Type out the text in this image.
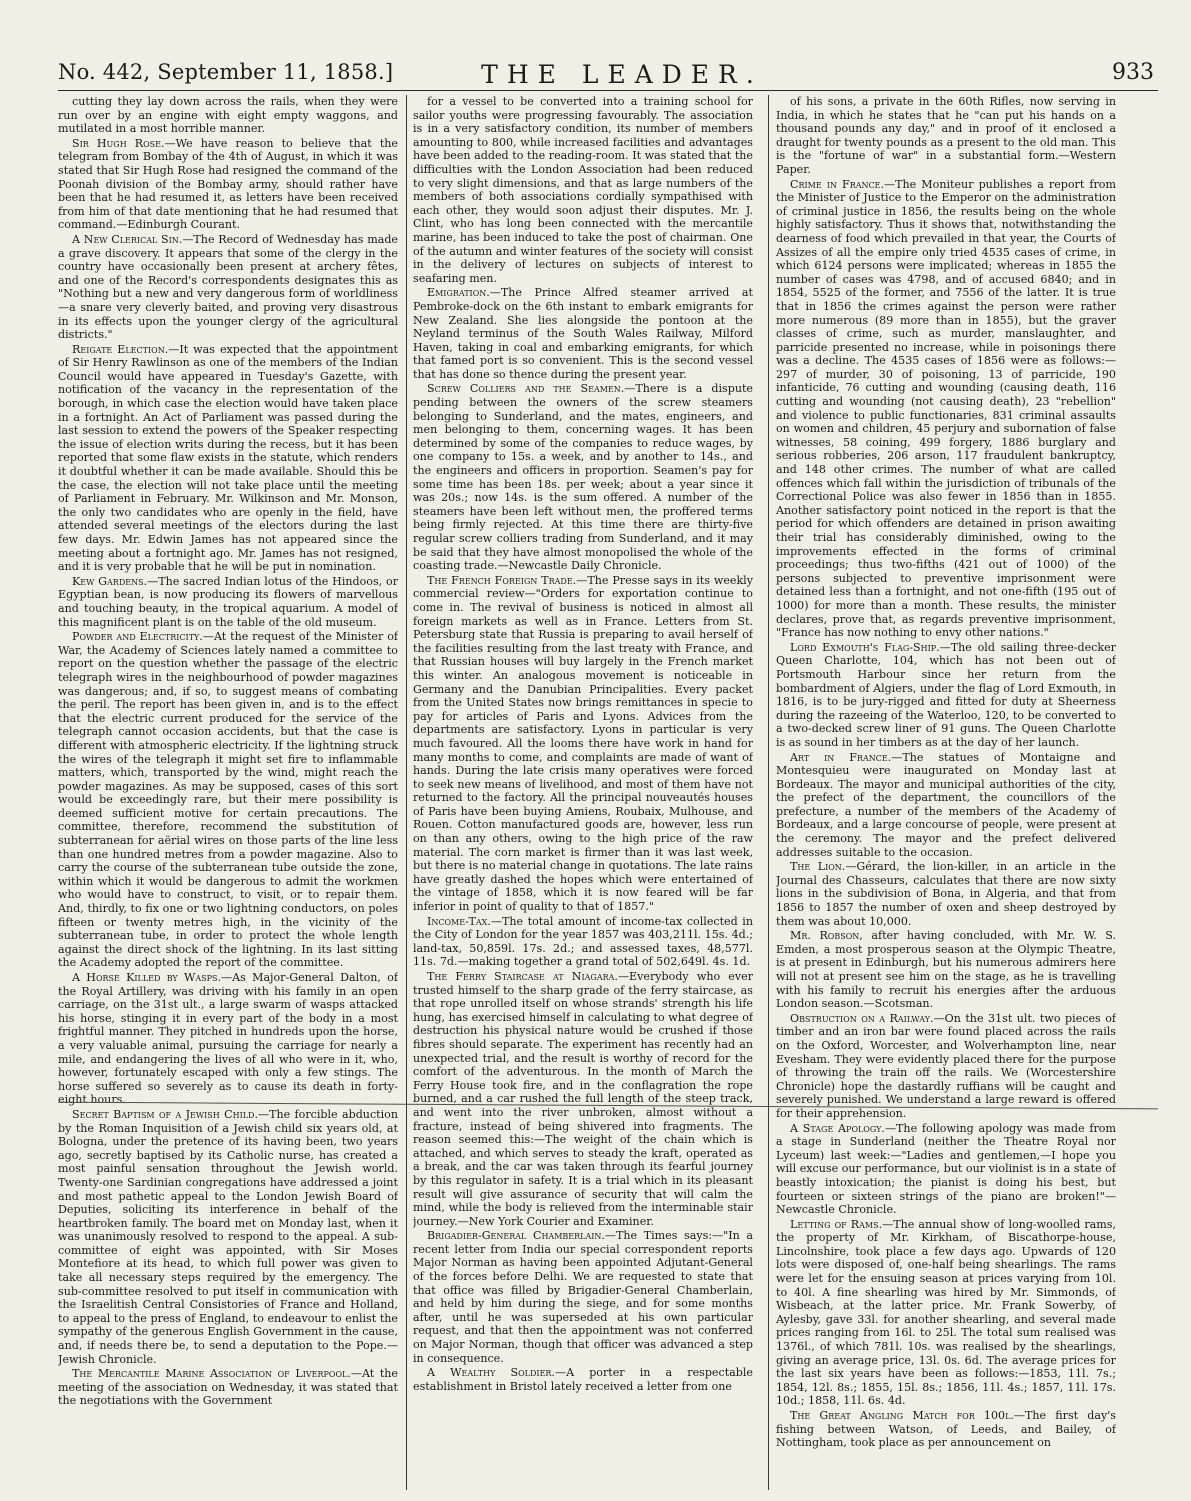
No. 442, September 11, 1858.]	THE LEADER.	933

cutting they lay down across the rails, when they were run over by an engine with eight empty waggons, and mutilated in a most horrible manner.

Sir Hugh Rose.—We have reason to believe that the telegram from Bombay of the 4th of August, in which it was stated that Sir Hugh Rose had resigned the command of the Poonah division of the Bombay army, should rather have been that he had resumed it, as letters have been received from him of that date mentioning that he had resumed that command.—Edinburgh Courant.

A New Clerical Sin.—The Record of Wednesday has made a grave discovery. It appears that some of the clergy in the country have occasionally been present at archery fêtes, and one of the Record's correspondents designates this as "Nothing but a new and very dangerous form of worldliness—a snare very cleverly baited, and proving very disastrous in its effects upon the younger clergy of the agricultural districts."

Reigate Election.—It was expected that the appointment of Sir Henry Rawlinson as one of the members of the Indian Council would have appeared in Tuesday's Gazette, with notification of the vacancy in the representation of the borough, in which case the election would have taken place in a fortnight. An Act of Parliament was passed during the last session to extend the powers of the Speaker respecting the issue of election writs during the recess, but it has been reported that some flaw exists in the statute, which renders it doubtful whether it can be made available. Should this be the case, the election will not take place until the meeting of Parliament in February. Mr. Wilkinson and Mr. Monson, the only two candidates who are openly in the field, have attended several meetings of the electors during the last few days. Mr. Edwin James has not appeared since the meeting about a fortnight ago. Mr. James has not resigned, and it is very probable that he will be put in nomination.

Kew Gardens.—The sacred Indian lotus of the Hindoos, or Egyptian bean, is now producing its flowers of marvellous and touching beauty, in the tropical aquarium. A model of this magnificent plant is on the table of the old museum.

Powder and Electricity.—At the request of the Minister of War, the Academy of Sciences lately named a committee to report on the question whether the passage of the electric telegraph wires in the neighbourhood of powder magazines was dangerous; and, if so, to suggest means of combating the peril. The report has been given in, and is to the effect that the electric current produced for the service of the telegraph cannot occasion accidents, but that the case is different with atmospheric electricity. If the lightning struck the wires of the telegraph it might set fire to inflammable matters, which, transported by the wind, might reach the powder magazines. As may be supposed, cases of this sort would be exceedingly rare, but their mere possibility is deemed sufficient motive for certain precautions. The committee, therefore, recommend the substitution of subterranean for aërial wires on those parts of the line less than one hundred metres from a powder magazine. Also to carry the course of the subterranean tube outside the zone, within which it would be dangerous to admit the workmen who would have to construct, to visit, or to repair them. And, thirdly, to fix one or two lightning conductors, on poles fifteen or twenty metres high, in the vicinity of the subterranean tube, in order to protect the whole length against the direct shock of the lightning. In its last sitting the Academy adopted the report of the committee.

A Horse Killed by Wasps.—As Major-General Dalton, of the Royal Artillery, was driving with his family in an open carriage, on the 31st ult., a large swarm of wasps attacked his horse, stinging it in every part of the body in a most frightful manner. They pitched in hundreds upon the horse, a very valuable animal, pursuing the carriage for nearly a mile, and endangering the lives of all who were in it, who, however, fortunately escaped with only a few stings. The horse suffered so severely as to cause its death in forty-eight hours.

Secret Baptism of a Jewish Child.—The forcible abduction by the Roman Inquisition of a Jewish child six years old, at Bologna, under the pretence of its having been, two years ago, secretly baptised by its Catholic nurse, has created a most painful sensation throughout the Jewish world. Twenty-one Sardinian congregations have addressed a joint and most pathetic appeal to the London Jewish Board of Deputies, soliciting its interference in behalf of the heartbroken family. The board met on Monday last, when it was unanimously resolved to respond to the appeal. A sub-committee of eight was appointed, with Sir Moses Montefiore at its head, to which full power was given to take all necessary steps required by the emergency. The sub-committee resolved to put itself in communication with the Israelitish Central Consistories of France and Holland, to appeal to the press of England, to endeavour to enlist the sympathy of the generous English Government in the cause, and, if needs there be, to send a deputation to the Pope.—Jewish Chronicle.

The Mercantile Marine Association of Liverpool.—At the meeting of the association on Wednesday, it was stated that the negotiations with the Government

for a vessel to be converted into a training school for sailor youths were progressing favourably. The association is in a very satisfactory condition, its number of members amounting to 800, while increased facilities and advantages have been added to the reading-room. It was stated that the difficulties with the London Association had been reduced to very slight dimensions, and that as large numbers of the members of both associations cordially sympathised with each other, they would soon adjust their disputes. Mr. J. Clint, who has long been connected with the mercantile marine, has been induced to take the post of chairman. One of the autumn and winter features of the society will consist in the delivery of lectures on subjects of interest to seafaring men.

Emigration.—The Prince Alfred steamer arrived at Pembroke-dock on the 6th instant to embark emigrants for New Zealand. She lies alongside the pontoon at the Neyland terminus of the South Wales Railway, Milford Haven, taking in coal and embarking emigrants, for which that famed port is so convenient. This is the second vessel that has done so thence during the present year.

Screw Colliers and the Seamen.—There is a dispute pending between the owners of the screw steamers belonging to Sunderland, and the mates, engineers, and men belonging to them, concerning wages. It has been determined by some of the companies to reduce wages, by one company to 15s. a week, and by another to 14s., and the engineers and officers in proportion. Seamen's pay for some time has been 18s. per week; about a year since it was 20s.; now 14s. is the sum offered. A number of the steamers have been left without men, the proffered terms being firmly rejected. At this time there are thirty-five regular screw colliers trading from Sunderland, and it may be said that they have almost monopolised the whole of the coasting trade.—Newcastle Daily Chronicle.

The French Foreign Trade.—The Presse says in its weekly commercial review—"Orders for exportation continue to come in. The revival of business is noticed in almost all foreign markets as well as in France. Letters from St. Petersburg state that Russia is preparing to avail herself of the facilities resulting from the last treaty with France, and that Russian houses will buy largely in the French market this winter. An analogous movement is noticeable in Germany and the Danubian Principalities. Every packet from the United States now brings remittances in specie to pay for articles of Paris and Lyons. Advices from the departments are satisfactory. Lyons in particular is very much favoured. All the looms there have work in hand for many months to come, and complaints are made of want of hands. During the late crisis many operatives were forced to seek new means of livelihood, and most of them have not returned to the factory. All the principal nouveautés houses of Paris have been buying Amiens, Roubaix, Mulhouse, and Rouen. Cotton manufactured goods are, however, less run on than any others, owing to the high price of the raw material. The corn market is firmer than it was last week, but there is no material change in quotations. The late rains have greatly dashed the hopes which were entertained of the vintage of 1858, which it is now feared will be far inferior in point of quality to that of 1857."

Income-Tax.—The total amount of income-tax collected in the City of London for the year 1857 was 403,211l. 15s. 4d.; land-tax, 50,859l. 17s. 2d.; and assessed taxes, 48,577l. 11s. 7d.—making together a grand total of 502,649l. 4s. 1d.

The Ferry Staircase at Niagara.—Everybody who ever trusted himself to the sharp grade of the ferry staircase, as that rope unrolled itself on whose strands' strength his life hung, has exercised himself in calculating to what degree of destruction his physical nature would be crushed if those fibres should separate. The experiment has recently had an unexpected trial, and the result is worthy of record for the comfort of the adventurous. In the month of March the Ferry House took fire, and in the conflagration the rope burned, and a car rushed the full length of the steep track, and went into the river unbroken, almost without a fracture, instead of being shivered into fragments. The reason seemed this:—The weight of the chain which is attached, and which serves to steady the kraft, operated as a break, and the car was taken through its fearful journey by this regulator in safety. It is a trial which in its pleasant result will give assurance of security that will calm the mind, while the body is relieved from the interminable stair journey.—New York Courier and Examiner.

Brigadier-General Chamberlain.—The Times says:—"In a recent letter from India our special correspondent reports Major Norman as having been appointed Adjutant-General of the forces before Delhi. We are requested to state that that office was filled by Brigadier-General Chamberlain, and held by him during the siege, and for some months after, until he was superseded at his own particular request, and that then the appointment was not conferred on Major Norman, though that officer was advanced a step in consequence.

A Wealthy Soldier.—A porter in a respectable establishment in Bristol lately received a letter from one

of his sons, a private in the 60th Rifles, now serving in India, in which he states that he "can put his hands on a thousand pounds any day," and in proof of it enclosed a draught for twenty pounds as a present to the old man. This is the "fortune of war" in a substantial form.—Western Paper.

Crime in France.—The Moniteur publishes a report from the Minister of Justice to the Emperor on the administration of criminal justice in 1856, the results being on the whole highly satisfactory. Thus it shows that, notwithstanding the dearness of food which prevailed in that year, the Courts of Assizes of all the empire only tried 4535 cases of crime, in which 6124 persons were implicated; whereas in 1855 the number of cases was 4798, and of accused 6840; and in 1854, 5525 of the former, and 7556 of the latter. It is true that in 1856 the crimes against the person were rather more numerous (89 more than in 1855), but the graver classes of crime, such as murder, manslaughter, and parricide presented no increase, while in poisonings there was a decline. The 4535 cases of 1856 were as follows:—297 of murder, 30 of poisoning, 13 of parricide, 190 infanticide, 76 cutting and wounding (causing death, 116 cutting and wounding (not causing death), 23 "rebellion" and violence to public functionaries, 831 criminal assaults on women and children, 45 perjury and subornation of false witnesses, 58 coining, 499 forgery, 1886 burglary and serious robberies, 206 arson, 117 fraudulent bankruptcy, and 148 other crimes. The number of what are called offences which fall within the jurisdiction of tribunals of the Correctional Police was also fewer in 1856 than in 1855. Another satisfactory point noticed in the report is that the period for which offenders are detained in prison awaiting their trial has considerably diminished, owing to the improvements effected in the forms of criminal proceedings; thus two-fifths (421 out of 1000) of the persons subjected to preventive imprisonment were detained less than a fortnight, and not one-fifth (195 out of 1000) for more than a month. These results, the minister declares, prove that, as regards preventive imprisonment, "France has now nothing to envy other nations."

Lord Exmouth's Flag-Ship.—The old sailing three-decker Queen Charlotte, 104, which has not been out of Portsmouth Harbour since her return from the bombardment of Algiers, under the flag of Lord Exmouth, in 1816, is to be jury-rigged and fitted for duty at Sheerness during the razeeing of the Waterloo, 120, to be converted to a two-decked screw liner of 91 guns. The Queen Charlotte is as sound in her timbers as at the day of her launch.

Art in France.—The statues of Montaigne and Montesquieu were inaugurated on Monday last at Bordeaux. The mayor and municipal authorities of the city, the prefect of the department, the councillors of the prefecture, a number of the members of the Academy of Bordeaux, and a large concourse of people, were present at the ceremony. The mayor and the prefect delivered addresses suitable to the occasion.

The Lion.—Gérard, the lion-killer, in an article in the Journal des Chasseurs, calculates that there are now sixty lions in the subdivision of Bona, in Algeria, and that from 1856 to 1857 the number of oxen and sheep destroyed by them was about 10,000.

Mr. Robson, after having concluded, with Mr. W. S. Emden, a most prosperous season at the Olympic Theatre, is at present in Edinburgh, but his numerous admirers here will not at present see him on the stage, as he is travelling with his family to recruit his energies after the arduous London season.—Scotsman.

Obstruction on a Railway.—On the 31st ult. two pieces of timber and an iron bar were found placed across the rails on the Oxford, Worcester, and Wolverhampton line, near Evesham. They were evidently placed there for the purpose of throwing the train off the rails. We (Worcestershire Chronicle) hope the dastardly ruffians will be caught and severely punished. We understand a large reward is offered for their apprehension.

A Stage Apology.—The following apology was made from a stage in Sunderland (neither the Theatre Royal nor Lyceum) last week:—"Ladies and gentlemen,—I hope you will excuse our performance, but our violinist is in a state of beastly intoxication; the pianist is doing his best, but fourteen or sixteen strings of the piano are broken!"—Newcastle Chronicle.

Letting of Rams.—The annual show of long-woolled rams, the property of Mr. Kirkham, of Biscathorpe-house, Lincolnshire, took place a few days ago. Upwards of 120 lots were disposed of, one-half being shearlings. The rams were let for the ensuing season at prices varying from 10l. to 40l. A fine shearling was hired by Mr. Simmonds, of Wisbeach, at the latter price. Mr. Frank Sowerby, of Aylesby, gave 33l. for another shearling, and several made prices ranging from 16l. to 25l. The total sum realised was 1376l., of which 781l. 10s. was realised by the shearlings, giving an average price, 13l. 0s. 6d. The average prices for the last six years have been as follows:—1853, 11l. 7s.; 1854, 12l. 8s.; 1855, 15l. 8s.; 1856, 11l. 4s.; 1857, 11l. 17s. 10d.; 1858, 11l. 6s. 4d.

The Great Angling Match for 100l.—The first day's fishing between Watson, of Leeds, and Bailey, of Nottingham, took place as per announcement on
